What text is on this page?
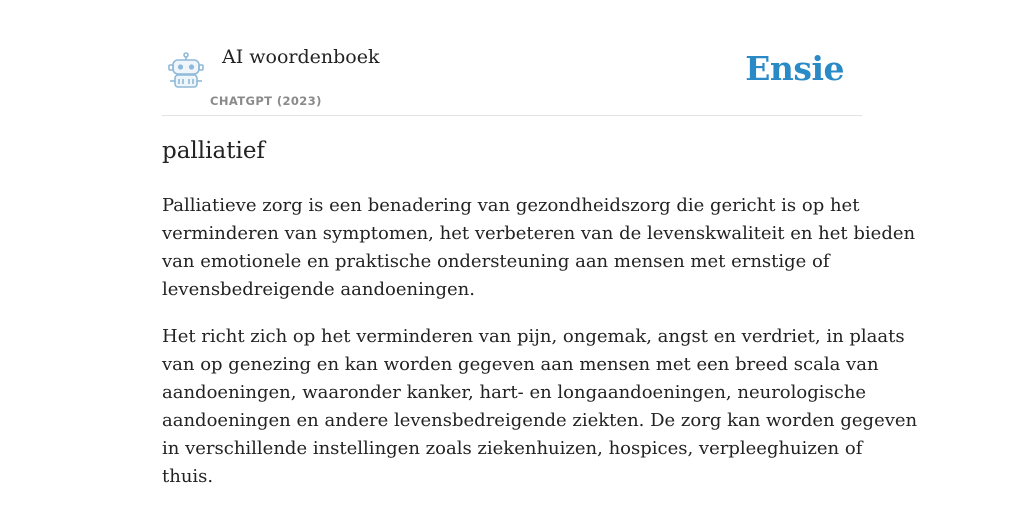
AI woordenboek
CHATGPT (2023)
Ensie
palliatief

Palliatieve zorg is een benadering van gezondheidszorg die gericht is op het
verminderen van symptomen, het verbeteren van de levenskwaliteit en het bieden
van emotionele en praktische ondersteuning aan mensen met ernstige of
levensbedreigende aandoeningen.

Het richt zich op het verminderen van pijn, ongemak, angst en verdriet, in plaats
van op genezing en kan worden gegeven aan mensen met een breed scala van
aandoeningen, waaronder kanker, hart- en longaandoeningen, neurologische
aandoeningen en andere levensbedreigende ziekten. De zorg kan worden gegeven
in verschillende instellingen zoals ziekenhuizen, hospices, verpleeghuizen of
thuis.
